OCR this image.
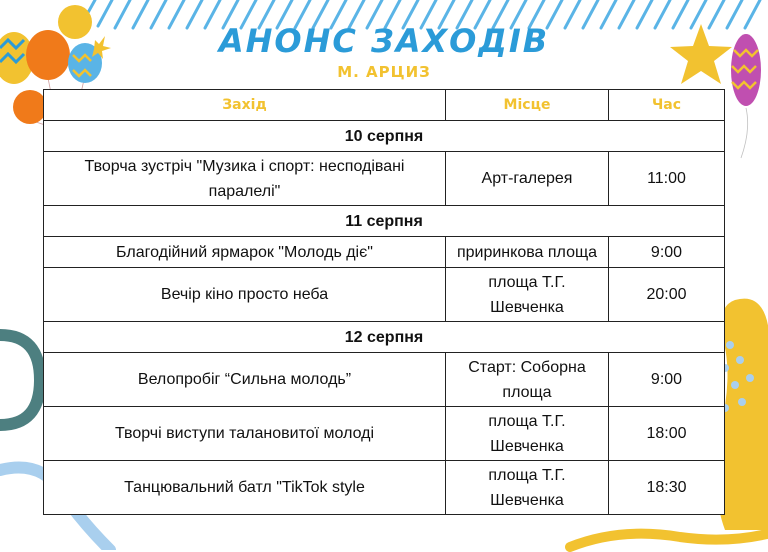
АНОНС ЗАХОДІВ
М. АРЦИЗ
Захід	Місце	Час
10 серпня		
Творча зустріч "Музика і спорт: несподівані паралелі"	Арт-галерея	11:00
11 серпня		
Благодійний ярмарок "Молодь діє"	приринкова площа	9:00
Вечір кіно просто неба	площа Т.Г. Шевченка	20:00
12 серпня		
Велопробіг “Сильна молодь”	Старт: Соборна площа	9:00
Творчі виступи талановитої молоді	площа Т.Г. Шевченка	18:00
Танцювальний батл "TikTok style	площа Т.Г. Шевченка	18:30
